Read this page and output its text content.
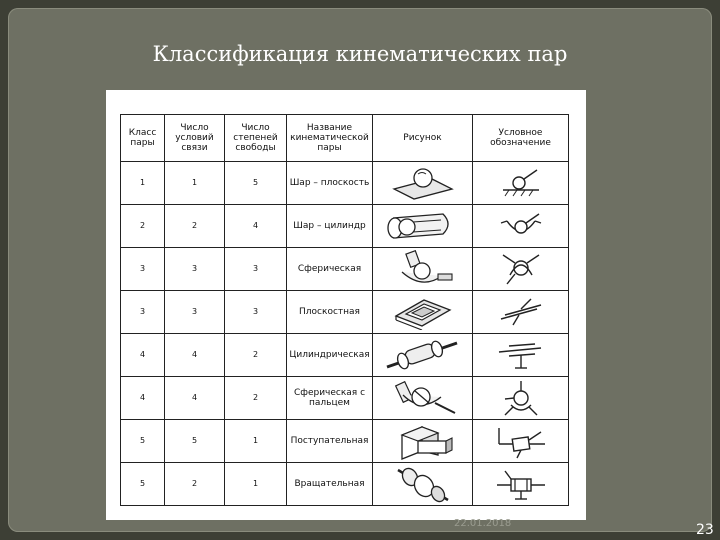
Классификация кинематических пар
Класс пары	Число условий связи	Число степеней свободы	Название кинематической пары	Рисунок	Условное обозначение
1	1	5	Шар – плоскость	

2	2	4	Шар – цилиндр	

3	3	3	Сферическая	

3	3	3	Плоскостная	

4	4	2	Цилиндрическая	

4	4	2	Сферическая с пальцем	

5	5	1	Поступательная	

5	2	1	Вращательная	

22.01.2018	23
